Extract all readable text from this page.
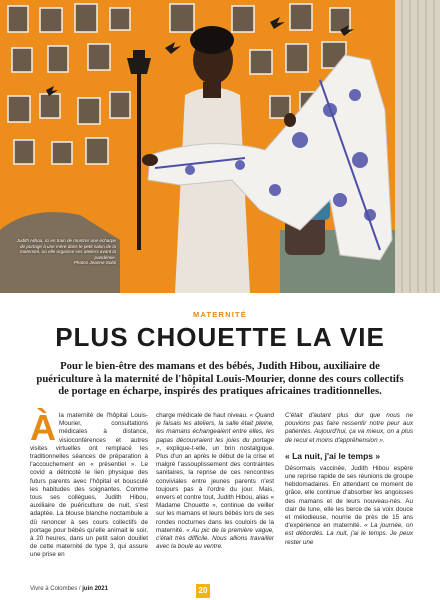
Judith Hibou, ici en train de montrer une écharpe de portage à une mère dans le petit salon de la maternité, où elle organise ses ateliers avant la pandémie.
Photos Jeanne Sobli
MATERNITÉ
PLUS CHOUETTE LA VIE

Pour le bien-être des mamans et des bébés, Judith Hibou, auxiliaire de puériculture à la maternité de l'hôpital Louis-Mourier, donne des cours collectifs de portage en écharpe, inspirés des pratiques africaines traditionnelles.

Àla maternité de l'hôpital Louis-Mourier, consultations médicales à distance, visioconférences et autres visites virtuelles ont remplacé les traditionnelles séances de préparation à l'accouchement en « présentiel ». Le covid a détricoté le lien physique des futurs parents avec l'hôpital et bousculé les habitudes des soignantes. Comme tous ses collègues, Judith Hibou, auxiliaire de puériculture de nuit, s'est adaptée. La blouse blanche noctambule a dû renoncer à ses cours collectifs de portage pour bébés qu'elle animait le soir, à 20 heures, dans un petit salon douillet de cette maternité de type 3, qui assure une prise en
charge médicale de haut niveau. « Quand je faisais les ateliers, la salle était pleine, les mamans échangeaient entre elles, les papas découvraient les joies du portage », explique-t-elle, un brin nostalgique. Plus d'un an après le début de la crise et malgré l'assouplissement des contraintes sanitaires, la reprise de ces rencontres conviviales entre jeunes parents n'est toujours pas à l'ordre du jour. Mais, envers et contre tout, Judith Hibou, alias « Madame Chouette », continue de veiller sur les mamans et leurs bébés lors de ses rondes nocturnes dans les couloirs de la maternité. « Au pic de la première vague, c'était très difficile. Nous allions travailler avec la boule au ventre.
C'était d'autant plus dur que nous ne pouvions pas faire ressentir notre peur aux patientes. Aujourd'hui, ça va mieux, on a plus de recul et moins d'appréhension ».
« La nuit, j'ai le temps »
Désormais vaccinée, Judith Hibou espère une reprise rapide de ses réunions de groupe hebdomadaires. En attendant ce moment de grâce, elle continue d'absorber les angoisses des mamans et de leurs nouveau-nés. Au clair de lune, elle les berce de sa voix douce et mélodieuse, nourrie de près de 15 ans d'expérience en maternité. « La journée, on est débordés. La nuit, j'ai le temps. Je peux rester une
Vivre à Colombes / juin 2021	20
